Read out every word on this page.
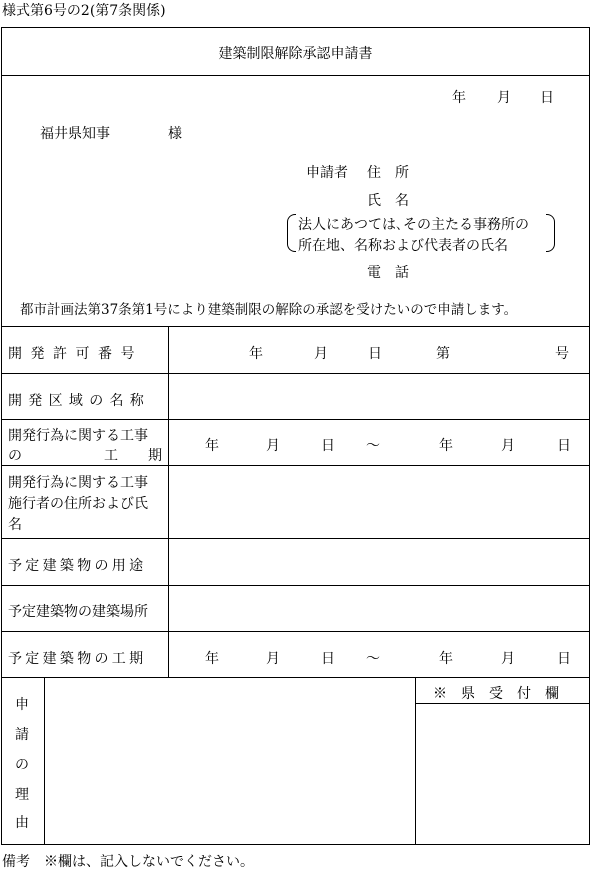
様式第6号の2(第7条関係)
建築制限解除承認申請書
年 月 日
福井県知事	様
申請者 住　所
氏　名
法人にあつては､その主たる事務所の
所在地、名称および代表者の氏名
電　話
都市計画法第37条第1号により建築制限の解除の承認を受けたいので申請します。
開発許可番号	年	月	日	第	号
開発区域の名称
開発行為に関する工事
の	工 期
年	月	日 ～	年	月	日
開発行為に関する工事
施行者の住所および氏
名
予定建築物の用途
予定建築物の建築場所
予定建築物の工期	年	月	日 ～	年	月	日
申
請
の
理
由
※県受付欄
備考　※欄は、記入しないでください。
